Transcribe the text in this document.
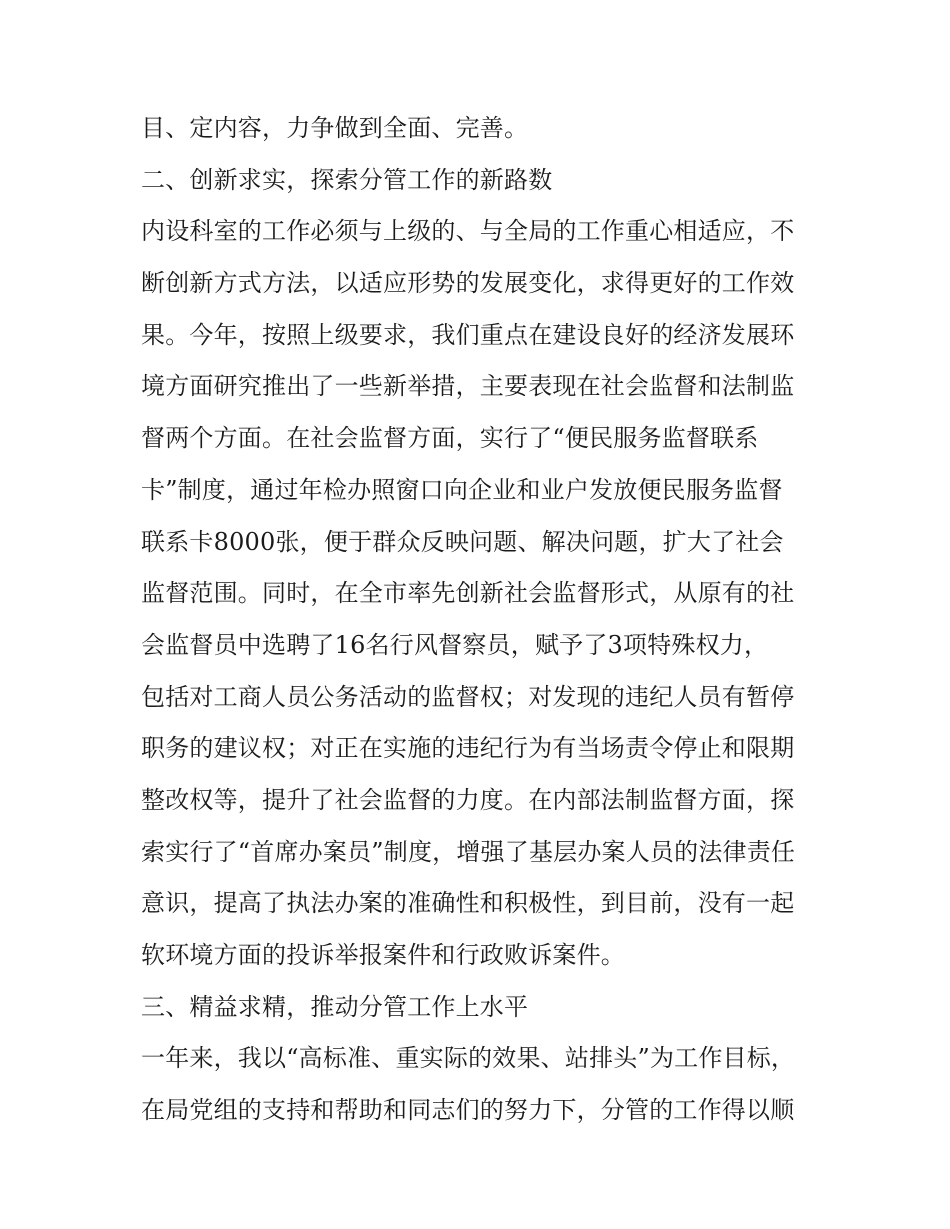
目、定内容，力争做到全面、完善。
二、创新求实，探索分管工作的新路数
内设科室的工作必须与上级的、与全局的工作重心相适应，不
断创新方式方法，以适应形势的发展变化，求得更好的工作效
果。今年，按照上级要求，我们重点在建设良好的经济发展环
境方面研究推出了一些新举措，主要表现在社会监督和法制监
督两个方面。在社会监督方面，实行了“便民服务监督联系
卡”制度，通过年检办照窗口向企业和业户发放便民服务监督
联系卡8000张，便于群众反映问题、解决问题，扩大了社会
监督范围。同时，在全市率先创新社会监督形式，从原有的社
会监督员中选聘了16名行风督察员，赋予了3项特殊权力，
包括对工商人员公务活动的监督权；对发现的违纪人员有暂停
职务的建议权；对正在实施的违纪行为有当场责令停止和限期
整改权等，提升了社会监督的力度。在内部法制监督方面，探
索实行了“首席办案员”制度，增强了基层办案人员的法律责任
意识，提高了执法办案的准确性和积极性，到目前，没有一起
软环境方面的投诉举报案件和行政败诉案件。
三、精益求精，推动分管工作上水平
一年来，我以“高标准、重实际的效果、站排头”为工作目标，
在局党组的支持和帮助和同志们的努力下，分管的工作得以顺
